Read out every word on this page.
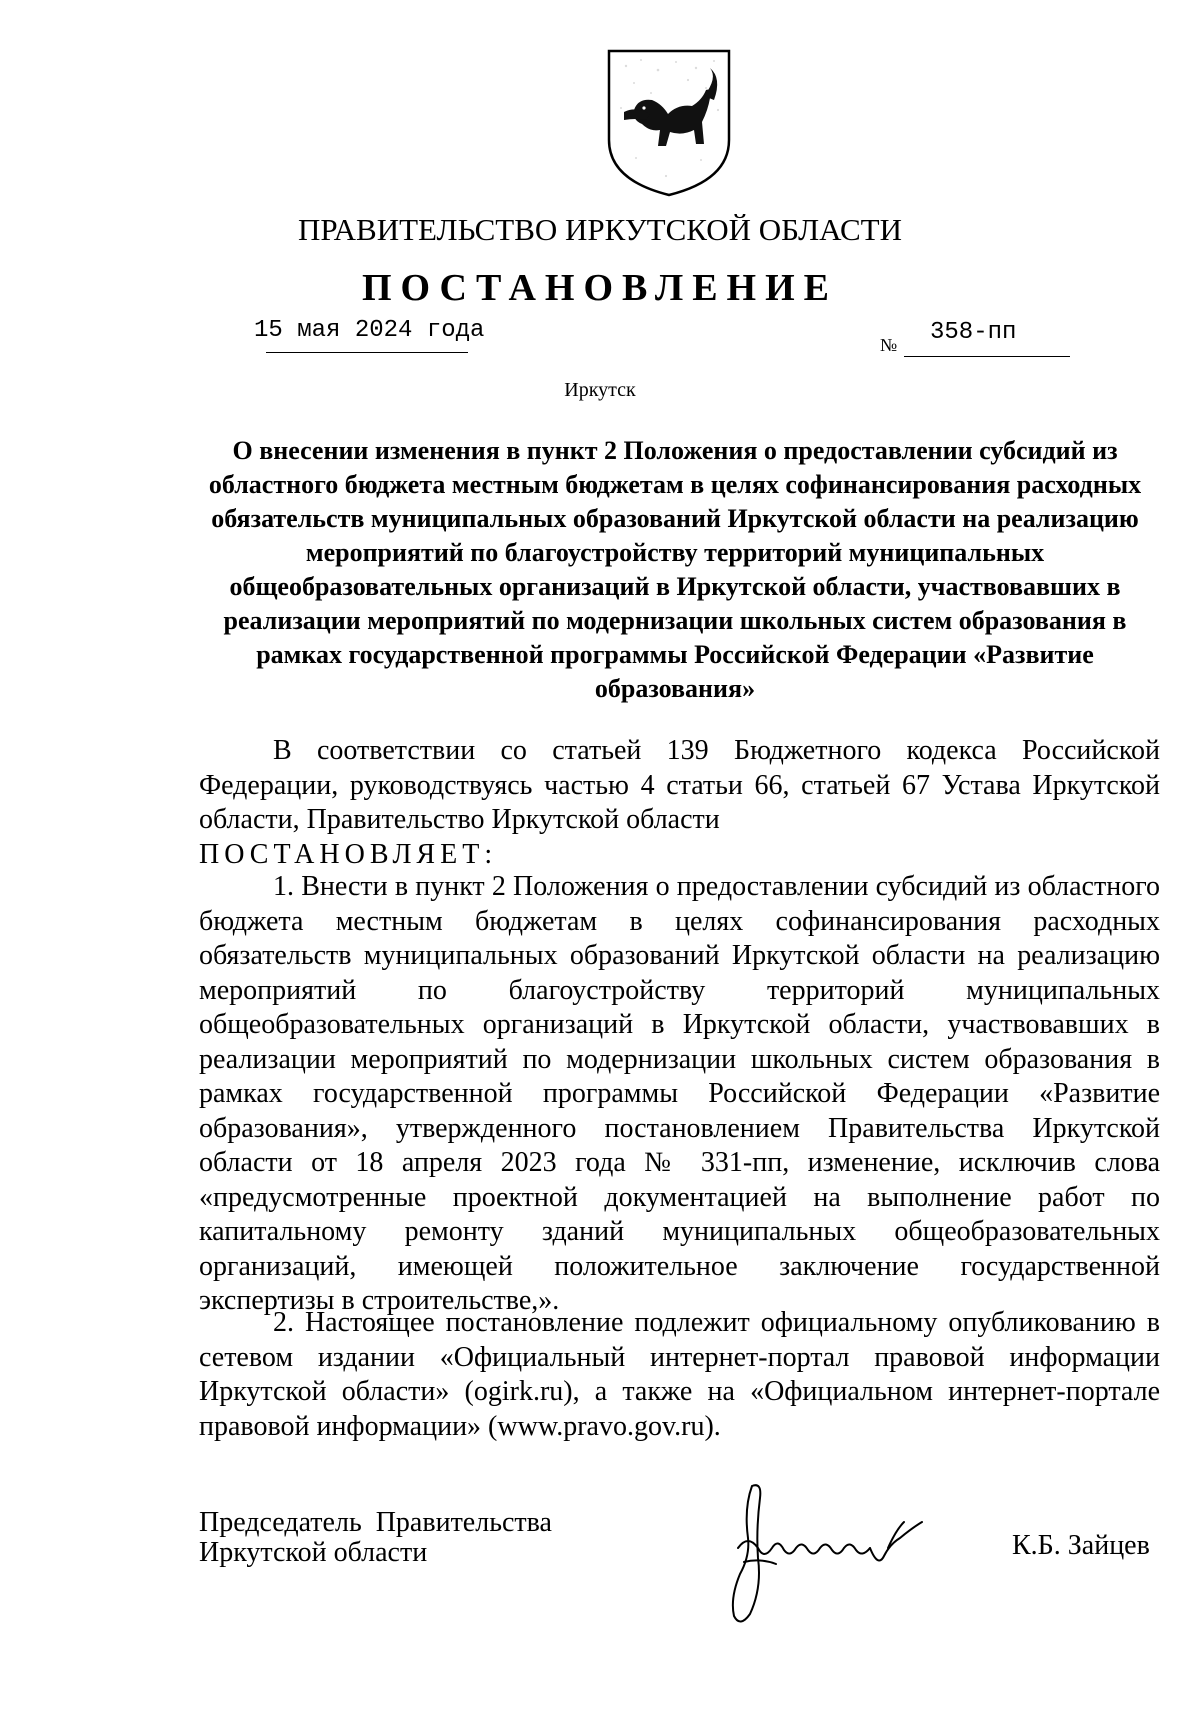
ПРАВИТЕЛЬСТВО ИРКУТСКОЙ ОБЛАСТИ
ПОСТАНОВЛЕНИЕ
15 мая 2024 года
№ 358-пп
Иркутск
О внесении изменения в пункт 2 Положения о предоставлении субсидий из областного бюджета местным бюджетам в целях софинансирования расходных обязательств муниципальных образований Иркутской области на реализацию мероприятий по благоустройству территорий муниципальных общеобразовательных организаций в Иркутской области, участвовавших в реализации мероприятий по модернизации школьных систем образования в рамках государственной программы Российской Федерации «Развитие образования»
В соответствии со статьей 139 Бюджетного кодекса Российской Федерации, руководствуясь частью 4 статьи 66, статьей 67 Устава Иркутской области, Правительство Иркутской области
ПОСТАНОВЛЯЕТ:
1. Внести в пункт 2 Положения о предоставлении субсидий из областного бюджета местным бюджетам в целях софинансирования расходных обязательств муниципальных образований Иркутской области на реализацию мероприятий по благоустройству территорий муниципальных общеобразовательных организаций в Иркутской области, участвовавших в реализации мероприятий по модернизации школьных систем образования в рамках государственной программы Российской Федерации «Развитие образования», утвержденного постановлением Правительства Иркутской области от 18 апреля 2023 года № 331-пп, изменение, исключив слова «предусмотренные проектной документацией на выполнение работ по капитальному ремонту зданий муниципальных общеобразовательных организаций, имеющей положительное заключение государственной экспертизы в строительстве,».
2. Настоящее постановление подлежит официальному опубликованию в сетевом издании «Официальный интернет-портал правовой информации Иркутской области» (ogirk.ru), а также на «Официальном интернет-портале правовой информации» (www.pravo.gov.ru).
Председатель  Правительства
Иркутской области	К.Б. Зайцев
